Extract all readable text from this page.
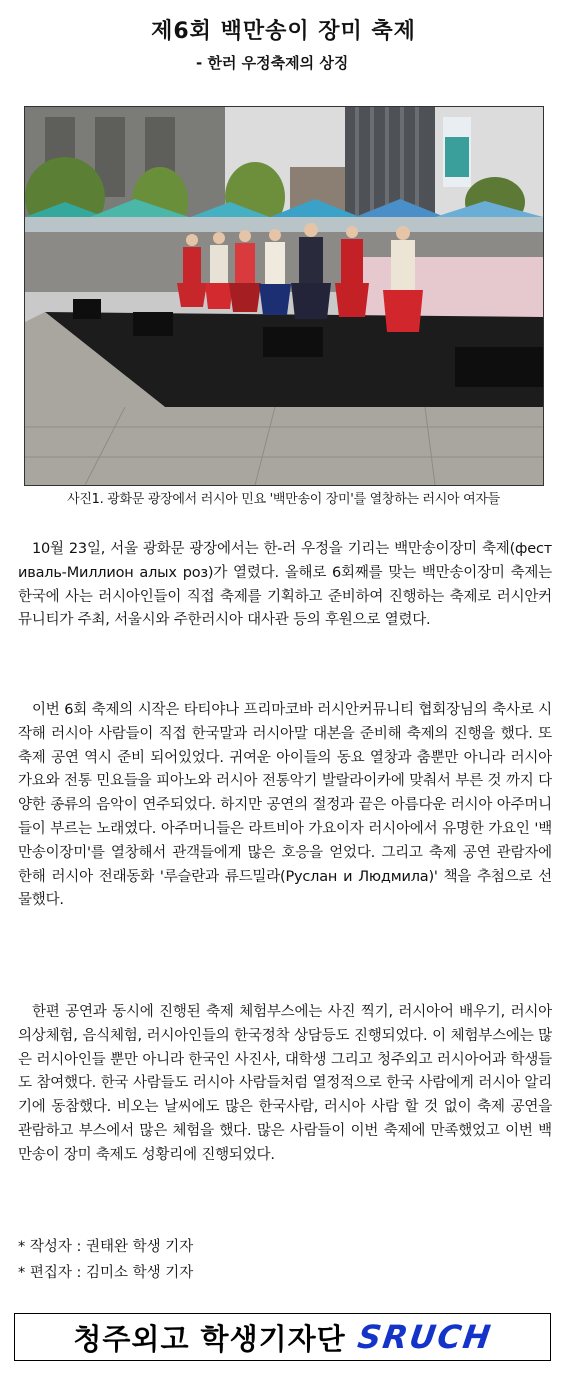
제6회 백만송이 장미 축제
- 한러 우정축제의 상징
사진1. 광화문 광장에서 러시아 민요 '백만송이 장미'를 열창하는 러시아 여자들

10월 23일, 서울 광화문 광장에서는 한-러 우정을 기리는 백만송이장미 축제(фестиваль-Миллион алых роз)가 열렸다. 올해로 6회째를 맞는 백만송이장미 축제는 한국에 사는 러시아인들이 직접 축제를 기획하고 준비하여 진행하는 축제로 러시안커뮤니티가 주최, 서울시와 주한러시아 대사관 등의 후원으로 열렸다.

이번 6회 축제의 시작은 타티야나 프리마코바 러시안커뮤니티 협회장님의 축사로 시작해 러시아 사람들이 직접 한국말과 러시아말 대본을 준비해 축제의 진행을 했다. 또 축제 공연 역시 준비 되어있었다. 귀여운 아이들의 동요 열창과 춤뿐만 아니라 러시아 가요와 전통 민요들을 피아노와 러시아 전통악기 발랄라이카에 맞춰서 부른 것 까지 다양한 종류의 음악이 연주되었다. 하지만 공연의 절정과 끝은 아름다운 러시아 아주머니들이 부르는 노래였다. 아주머니들은 라트비아 가요이자 러시아에서 유명한 가요인 '백만송이장미'를 열창해서 관객들에게 많은 호응을 얻었다. 그리고 축제 공연 관람자에 한해 러시아 전래동화 '루슬란과 류드밀라(Руслан и Людмила)' 책을 추첨으로 선물했다.

한편 공연과 동시에 진행된 축제 체험부스에는 사진 찍기, 러시아어 배우기, 러시아 의상체험, 음식체험, 러시아인들의 한국정착 상담등도 진행되었다. 이 체험부스에는 많은 러시아인들 뿐만 아니라 한국인 사진사, 대학생 그리고 청주외고 러시아어과 학생들도 참여했다. 한국 사람들도 러시아 사람들처럼 열정적으로 한국 사람에게 러시아 알리기에 동참했다. 비오는 날씨에도 많은 한국사람, 러시아 사람 할 것 없이 축제 공연을 관람하고 부스에서 많은 체험을 했다. 많은 사람들이 이번 축제에 만족했었고 이번 백만송이 장미 축제도 성황리에 진행되었다.

* 작성자 : 권태완 학생 기자
* 편집자 : 김미소 학생 기자
청주외고 학생기자단 SRUCH
